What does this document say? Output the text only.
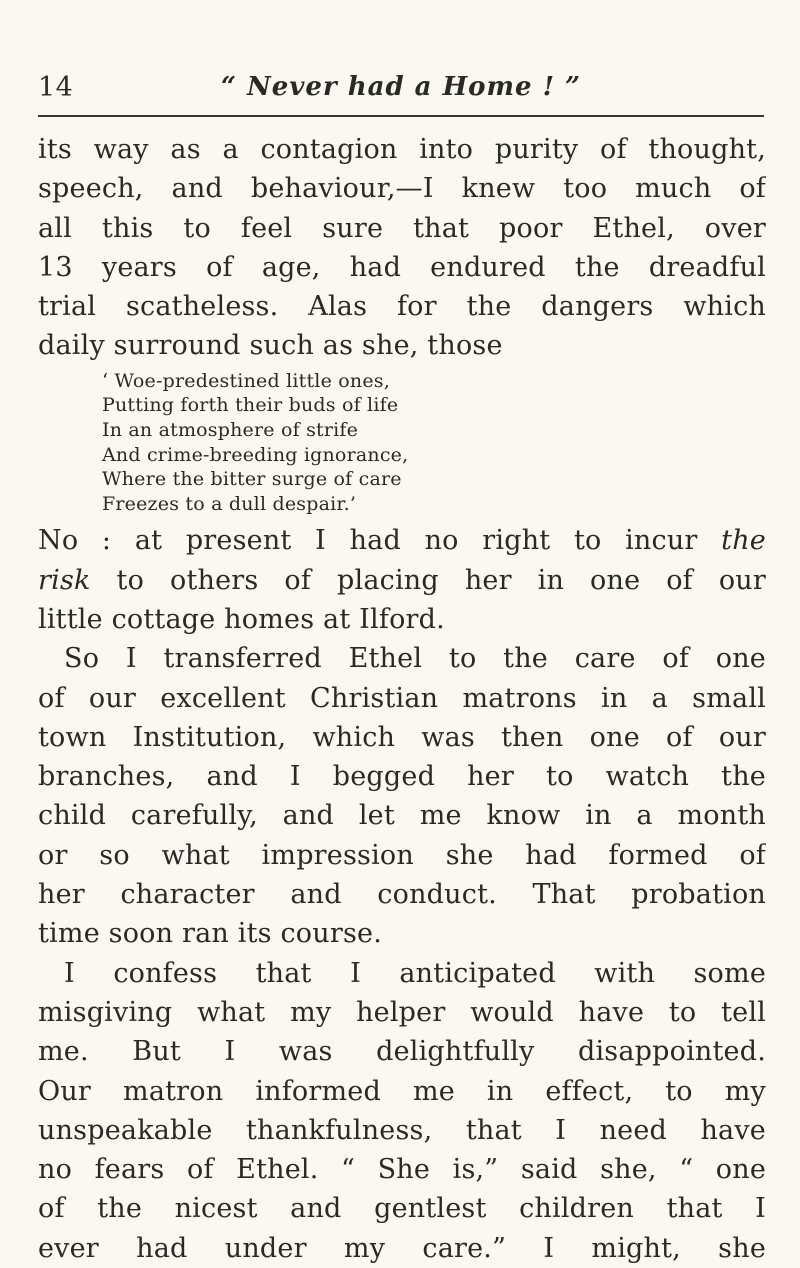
14	“ Never had a Home ! ”
its way as a contagion into purity of thought,
speech, and behaviour,—I knew too much of
all this to feel sure that poor Ethel, over
13 years of age, had endured the dreadful
trial scatheless. Alas for the dangers which
daily surround such as she, those
‘ Woe-predestined little ones,
Putting forth their buds of life
In an atmosphere of strife
And crime-breeding ignorance,
Where the bitter surge of care
Freezes to a dull despair.’
No : at present I had no right to incur the
risk to others of placing her in one of our
little cottage homes at Ilford.
So I transferred Ethel to the care of one
of our excellent Christian matrons in a small
town Institution, which was then one of our
branches, and I begged her to watch the
child carefully, and let me know in a month
or so what impression she had formed of
her character and conduct. That probation
time soon ran its course.
I confess that I anticipated with some
misgiving what my helper would have to tell
me. But I was delightfully disappointed.
Our matron informed me in effect, to my
unspeakable thankfulness, that I need have
no fears of Ethel. “ She is,” said she, “ one
of the nicest and gentlest children that I
ever had under my care.” I might, she
